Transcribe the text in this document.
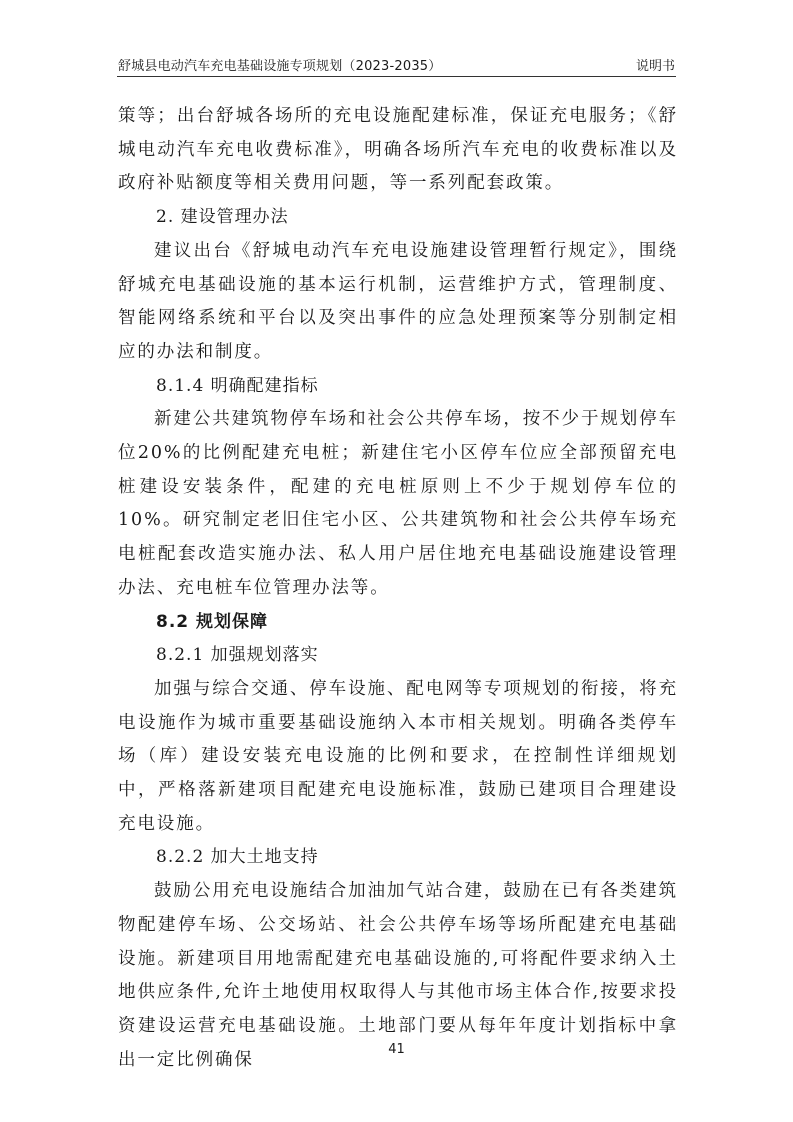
舒城县电动汽车充电基础设施专项规划（2023-2035）	说明书

策等；出台舒城各场所的充电设施配建标准，保证充电服务；《舒城电动汽车充电收费标准》，明确各场所汽车充电的收费标准以及政府补贴额度等相关费用问题，等一系列配套政策。

2. 建设管理办法

建议出台《舒城电动汽车充电设施建设管理暂行规定》，围绕舒城充电基础设施的基本运行机制，运营维护方式，管理制度、智能网络系统和平台以及突出事件的应急处理预案等分别制定相应的办法和制度。

8.1.4 明确配建指标

新建公共建筑物停车场和社会公共停车场，按不少于规划停车位20%的比例配建充电桩；新建住宅小区停车位应全部预留充电桩建设安装条件，配建的充电桩原则上不少于规划停车位的 10%。研究制定老旧住宅小区、公共建筑物和社会公共停车场充电桩配套改造实施办法、私人用户居住地充电基础设施建设管理办法、充电桩车位管理办法等。

8.2 规划保障

8.2.1 加强规划落实

加强与综合交通、停车设施、配电网等专项规划的衔接，将充电设施作为城市重要基础设施纳入本市相关规划。明确各类停车场（库）建设安装充电设施的比例和要求，在控制性详细规划中，严格落新建项目配建充电设施标准，鼓励已建项目合理建设充电设施。

8.2.2 加大土地支持

鼓励公用充电设施结合加油加气站合建，鼓励在已有各类建筑物配建停车场、公交场站、社会公共停车场等场所配建充电基础设施。新建项目用地需配建充电基础设施的,可将配件要求纳入土地供应条件,允许土地使用权取得人与其他市场主体合作,按要求投资建设运营充电基础设施。土地部门要从每年年度计划指标中拿出一定比例确保

41
